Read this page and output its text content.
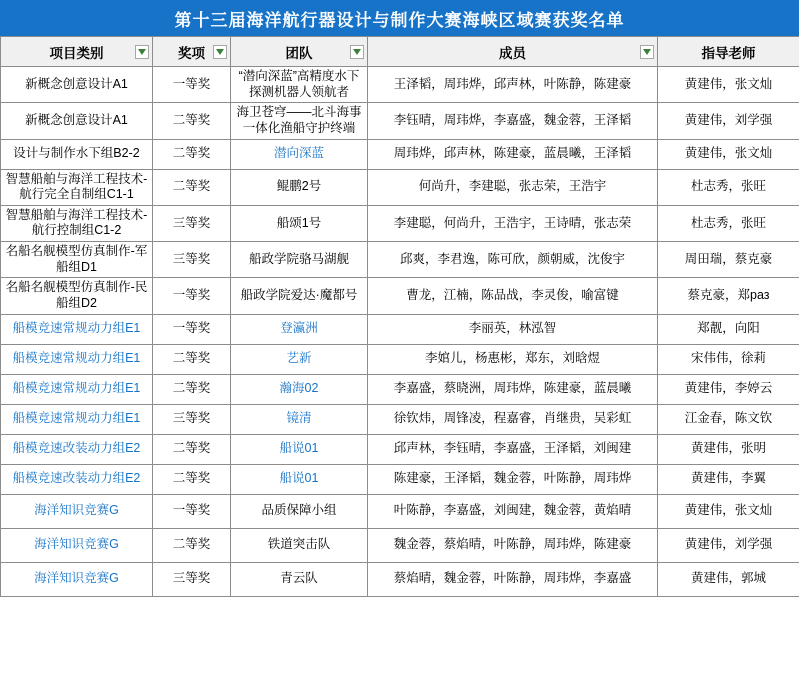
第十三届海洋航行器设计与制作大赛海峡区域赛获奖名单
项目类别	奖项	团队	成员	指导老师
新概念创意设计A1	一等奖	“潜向深蓝”高精度水下探测机器人领航者	王泽韬，周玮烨，邱声林，叶陈静，陈建豪	黄建伟，张文灿
新概念创意设计A1	二等奖	海卫苍穹——北斗海事一体化渔船守护终端	李钰晴，周玮烨，李嘉盛，魏金蓉，王泽韬	黄建伟，刘学强
设计与制作水下组B2-2	二等奖	潜向深蓝	周玮烨，邱声林，陈建豪，蓝晨曦，王泽韬	黄建伟，张文灿
智慧船舶与海洋工程技术-航行完全自制组C1-1	二等奖	鲲鹏2号	何尚升，李建聪，张志荣，王浩宇	杜志秀，张旺
智慧船舶与海洋工程技术-航行控制组C1-2	三等奖	船颂1号	李建聪，何尚升，王浩宇，王诗晴，张志荣	杜志秀，张旺
名船名舰模型仿真制作-军船组D1	三等奖	船政学院骆马湖舰	邱爽，李君逸，陈可欣，颜朝威，沈俊宇	周田瑞，蔡克豪
名船名舰模型仿真制作-民船组D2	一等奖	船政学院爱达·魔都号	曹龙，江楠，陈品战，李灵俊，喻富键	蔡克豪，郑раз
船模竞速常规动力组E1	一等奖	登瀛洲	李丽英，林泓智	郑靓，向阳
船模竞速常规动力组E1	二等奖	艺新	李婠儿，杨惠彬，郑东，刘晗煜	宋伟伟，徐莉
船模竞速常规动力组E1	二等奖	瀚海02	李嘉盛，蔡晓洲，周玮烨，陈建豪，蓝晨曦	黄建伟，李婷云
船模竞速常规动力组E1	三等奖	镜清	徐钦炜，周锋凌，程嘉睿，肖继贵，吴彩虹	江金春，陈文钦
船模竞速改装动力组E2	二等奖	船说01	邱声林，李钰晴，李嘉盛，王泽韬，刘闽建	黄建伟，张明
船模竞速改装动力组E2	二等奖	船说01	陈建豪，王泽韬，魏金蓉，叶陈静，周玮烨	黄建伟，李翼
海洋知识竞赛G	一等奖	品质保障小组	叶陈静，李嘉盛，刘闽建，魏金蓉，黄焰晴	黄建伟，张文灿
海洋知识竞赛G	二等奖	铁道突击队	魏金蓉，蔡焰晴，叶陈静，周玮烨，陈建豪	黄建伟，刘学强
海洋知识竞赛G	三等奖	青云队	蔡焰晴，魏金蓉，叶陈静，周玮烨，李嘉盛	黄建伟，郭城
